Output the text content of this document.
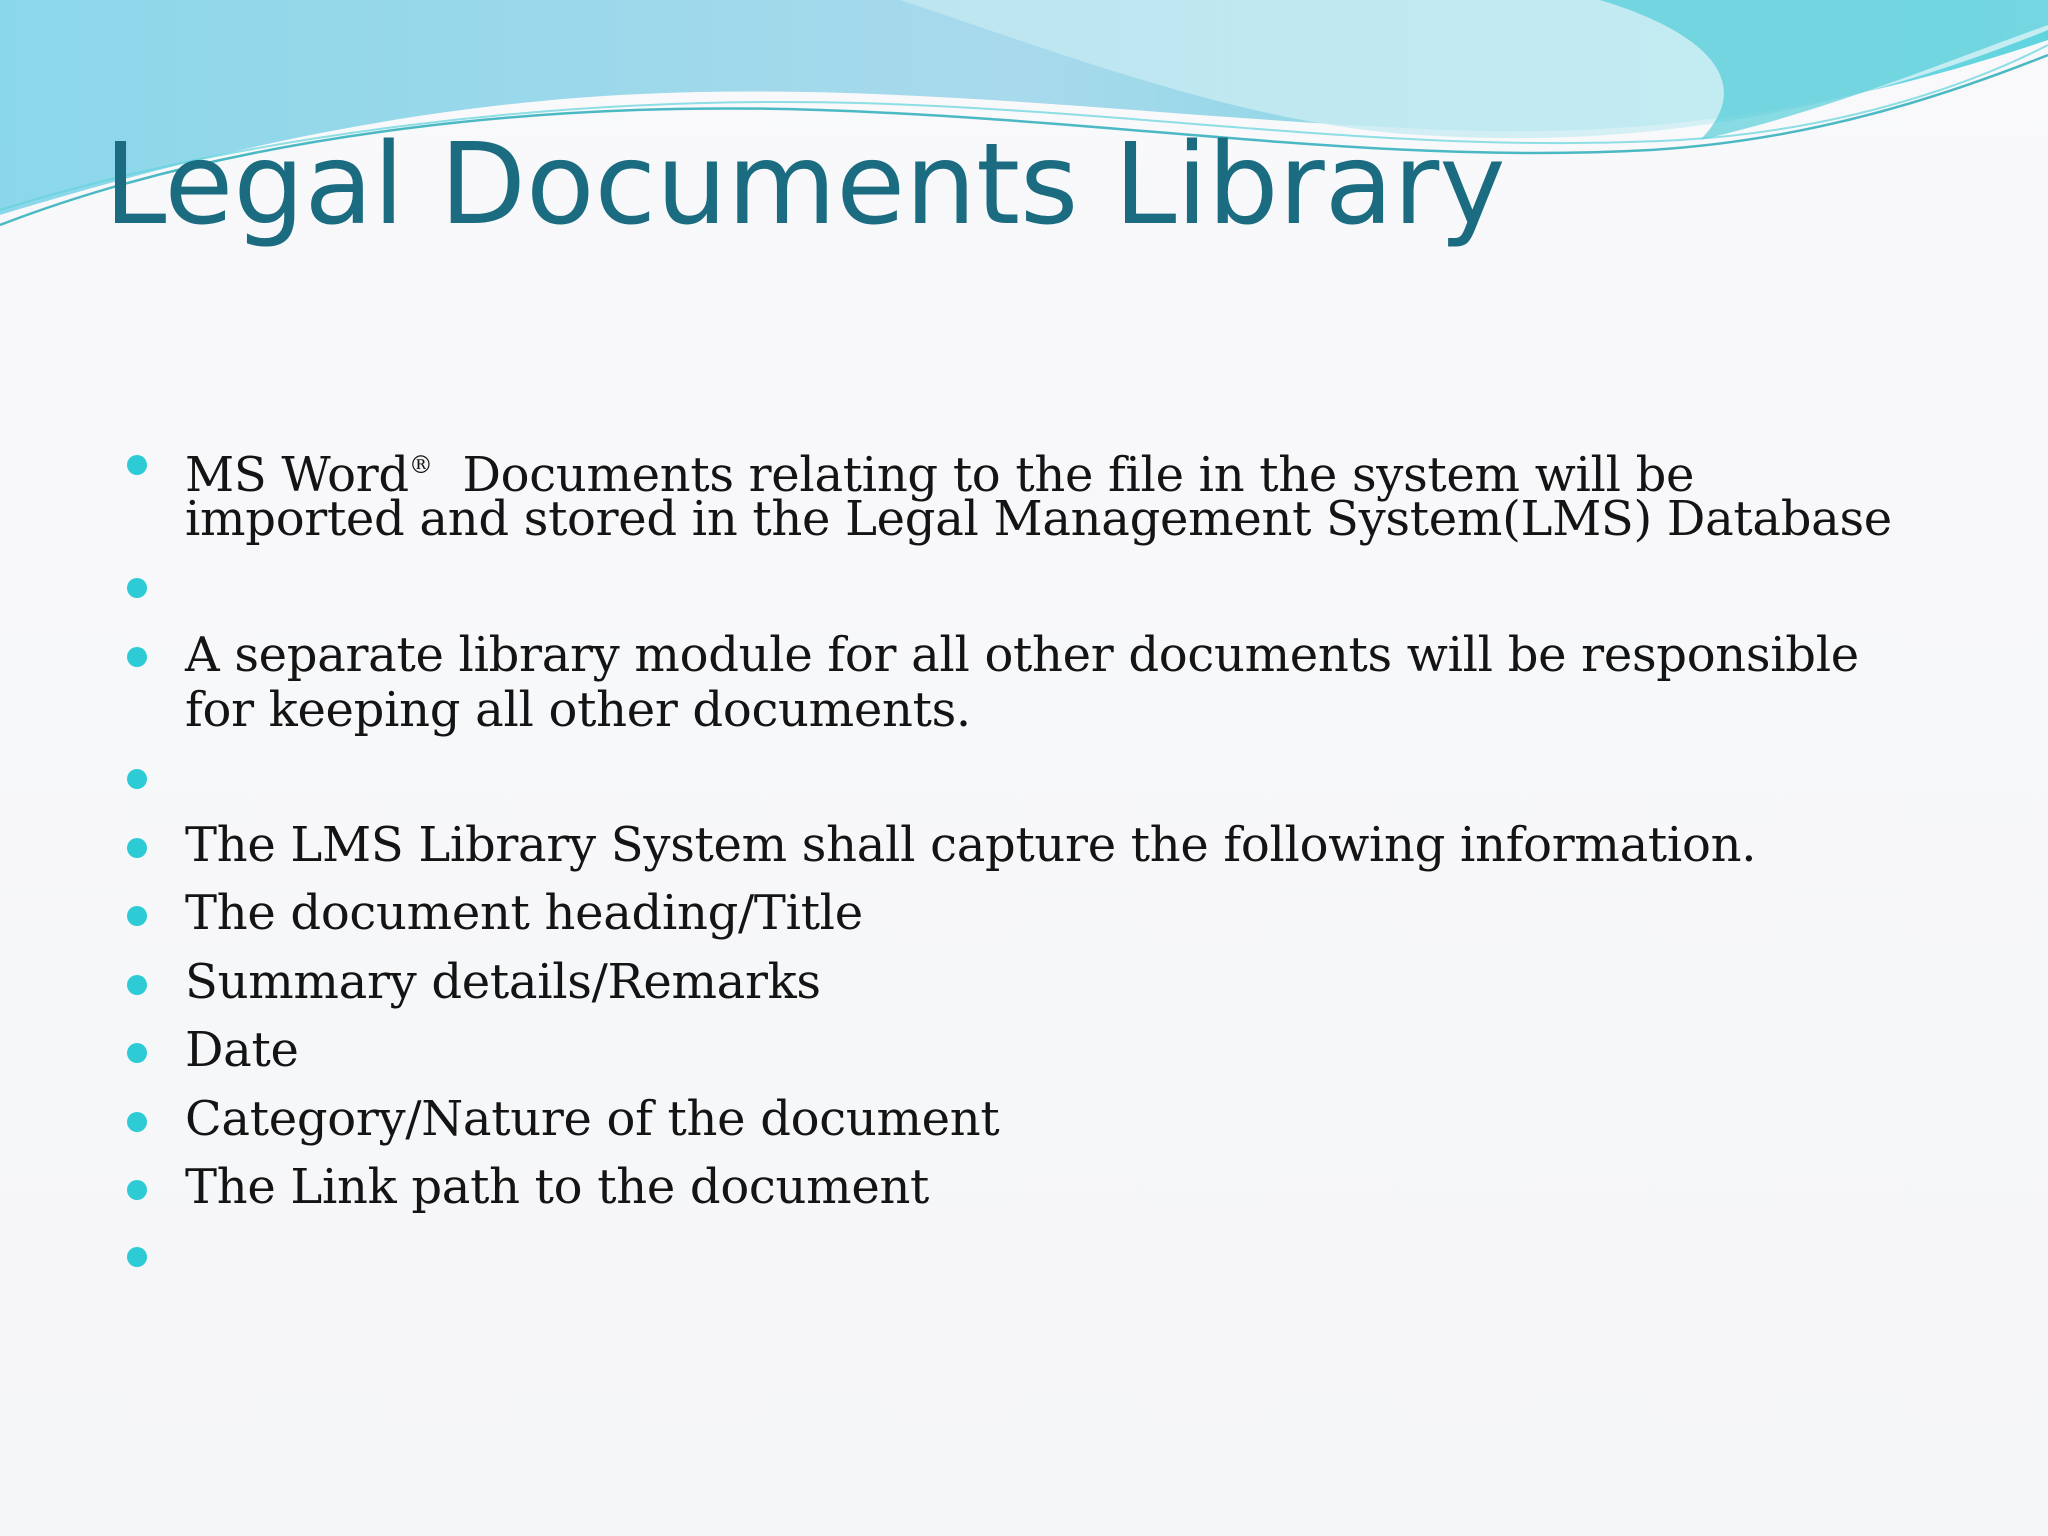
Legal Documents Library
MS Word®  Documents relating to the file in the system will be
imported and stored in the Legal Management System(LMS) Database
A separate library module for all other documents will be responsible
for keeping all other documents.
The LMS Library System shall capture the following information.
The document heading/Title
Summary details/Remarks
Date
Category/Nature of the document
The Link path to the document
